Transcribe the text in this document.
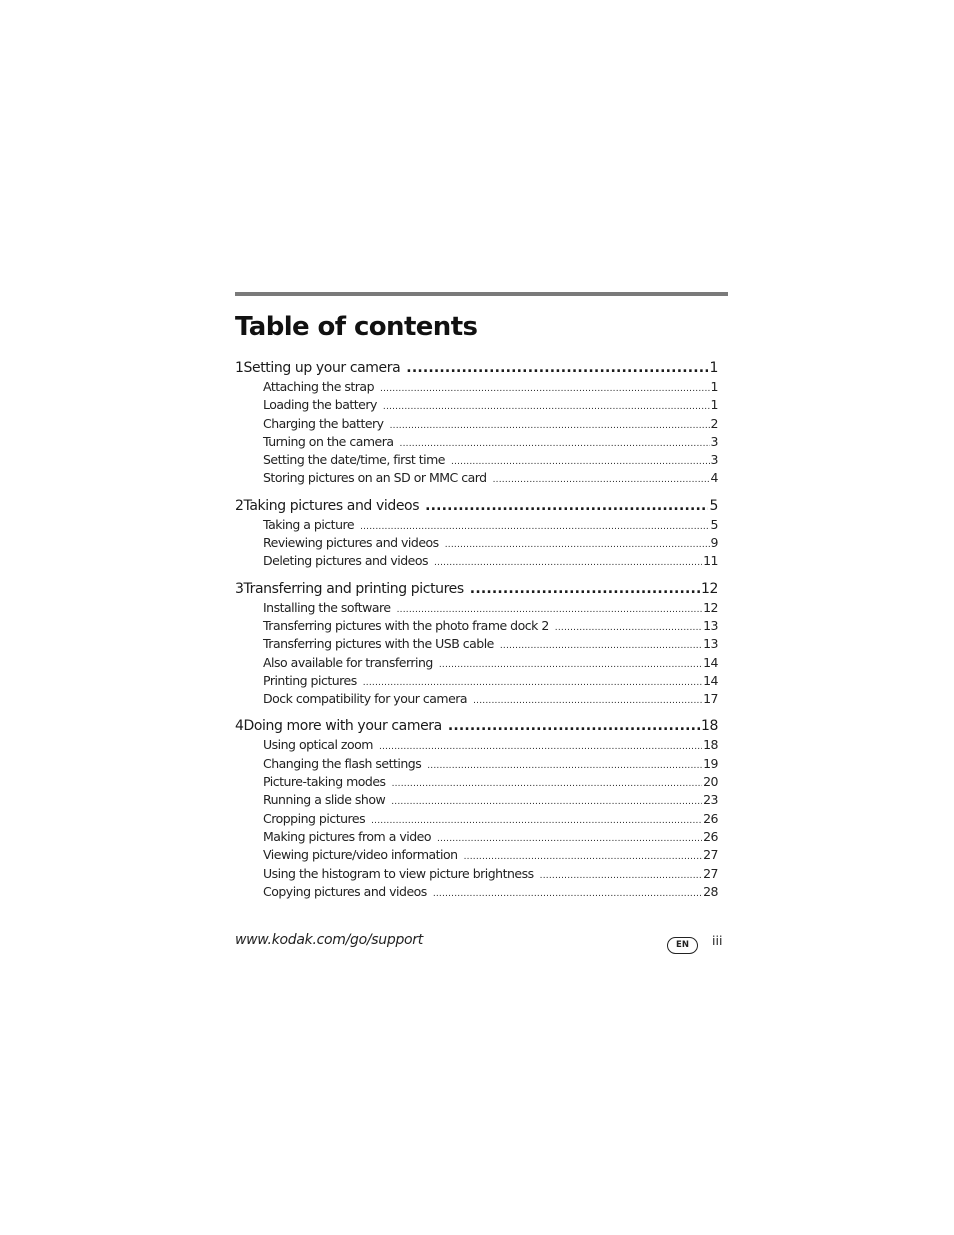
Table of contents
1 Setting up your camera .....	1
Attaching the strap .....	1
Loading the battery .....	1
Charging the battery .....	2
Turning on the camera .....	3
Setting the date/time, first time .....	3
Storing pictures on an SD or MMC card .....	4
2 Taking pictures and videos .....	5
Taking a picture .....	5
Reviewing pictures and videos .....	9
Deleting pictures and videos .....	11
3 Transferring and printing pictures .....	12
Installing the software .....	12
Transferring pictures with the photo frame dock 2 .....	13
Transferring pictures with the USB cable .....	13
Also available for transferring .....	14
Printing pictures .....	14
Dock compatibility for your camera .....	17
4 Doing more with your camera .....	18
Using optical zoom .....	18
Changing the flash settings .....	19
Picture-taking modes .....	20
Running a slide show .....	23
Cropping pictures .....	26
Making pictures from a video .....	26
Viewing picture/video information .....	27
Using the histogram to view picture brightness .....	27
Copying pictures and videos .....	28
www.kodak.com/go/support	EN	iii
